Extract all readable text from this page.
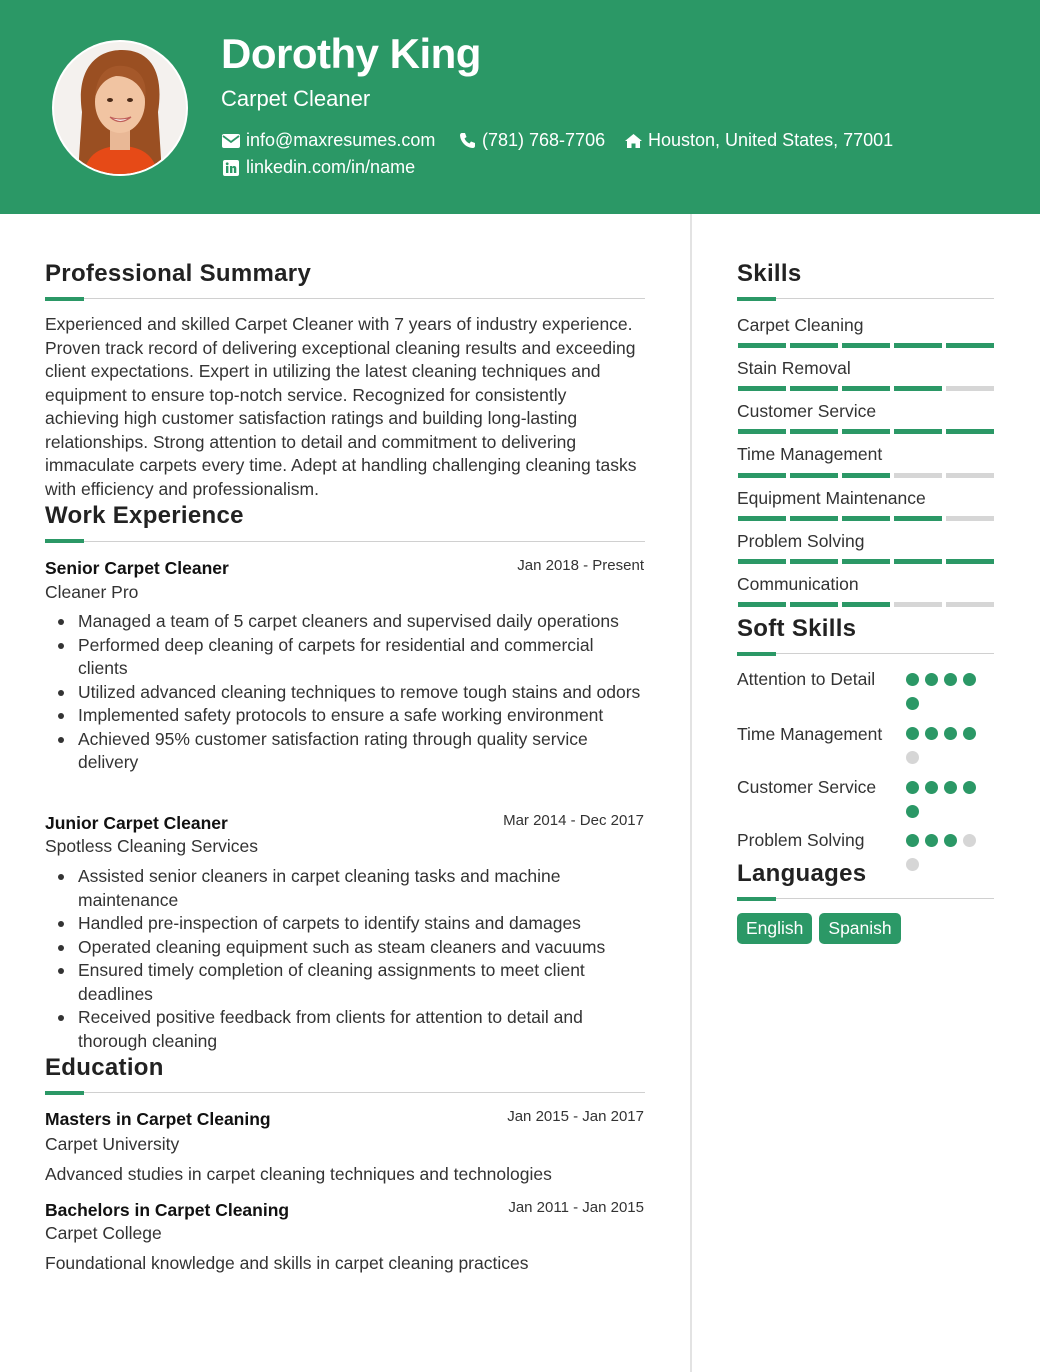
Dorothy King
Carpet Cleaner
info@maxresumes.com	(781) 768-7706 Houston, United States, 77001
linkedin.com/in/name
Professional Summary
Experienced and skilled Carpet Cleaner with 7 years of industry experience. Proven track record of delivering exceptional cleaning results and exceeding client expectations. Expert in utilizing the latest cleaning techniques and equipment to ensure top-notch service. Recognized for consistently achieving high customer satisfaction ratings and building long-lasting relationships. Strong attention to detail and commitment to delivering immaculate carpets every time. Adept at handling challenging cleaning tasks with efficiency and professionalism.
Work Experience
Senior Carpet Cleaner	Jan 2018 - Present
Cleaner Pro
Managed a team of 5 carpet cleaners and supervised daily operations
Performed deep cleaning of carpets for residential and commercial clients
Utilized advanced cleaning techniques to remove tough stains and odors
Implemented safety protocols to ensure a safe working environment
Achieved 95% customer satisfaction rating through quality service delivery
Junior Carpet Cleaner	Mar 2014 - Dec 2017
Spotless Cleaning Services
Assisted senior cleaners in carpet cleaning tasks and machine maintenance
Handled pre-inspection of carpets to identify stains and damages
Operated cleaning equipment such as steam cleaners and vacuums
Ensured timely completion of cleaning assignments to meet client deadlines
Received positive feedback from clients for attention to detail and thorough cleaning
Education
Masters in Carpet Cleaning	Jan 2015 - Jan 2017
Carpet University
Advanced studies in carpet cleaning techniques and technologies
Bachelors in Carpet Cleaning	Jan 2011 - Jan 2015
Carpet College
Foundational knowledge and skills in carpet cleaning practices
Skills
Carpet Cleaning
Stain Removal
Customer Service
Time Management
Equipment Maintenance
Problem Solving
Communication
Soft Skills
Attention to Detail
Time Management
Customer Service
Problem Solving
Languages
English	Spanish
